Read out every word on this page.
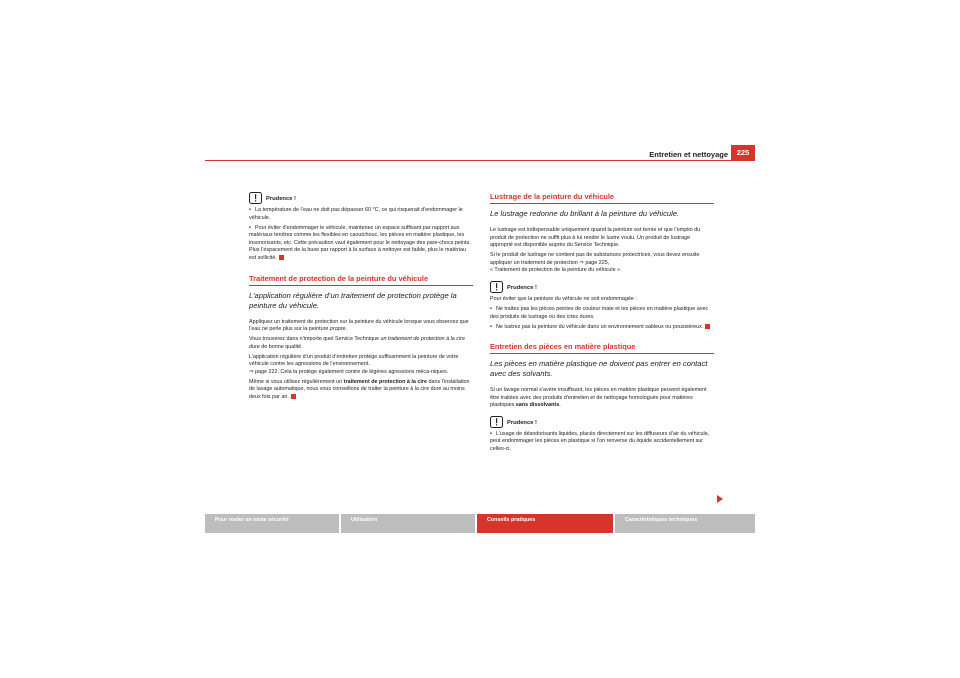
Entretien et nettoyage	225
Prudence !

• La température de l’eau ne doit pas dépasser 60 °C, ce qui risquerait d’endommager le véhicule.

• Pour éviter d’endommager le véhicule, maintenez un espace suffisant par rapport aux matériaux tendres comme les flexibles en caoutchouc, les pièces en matière plastique, les insonorisants, etc. Cette précaution vaut également pour le nettoyage des pare-chocs peints. Plus l’espacement de la buse par rapport à la surface à nettoyer est faible, plus le matériau est sollicité.

Traitement de protection de la peinture du véhicule
L’application régulière d’un traitement de protection protège la peinture du véhicule.

Appliquez un traitement de protection sur la peinture du véhicule lorsque vous observez que l’eau ne perle plus sur la peinture propre.

Vous trouverez dans n’importe quel Service Technique un traitement de protection à la cire dure de bonne qualité.

L’application régulière d’un produit d’entretien protège suffisamment la peinture de votre véhicule contre les agressions de l’environnement.

⇒ page 222. Cela la protège également contre de légères agressions méca-niques.

Même si vous utilisez régulièrement un traitement de protection à la cire dans l’installation de lavage automatique, nous vous conseillons de traiter la peinture à la cire dure au moins deux fois par an.

Lustrage de la peinture du véhicule
Le lustrage redonne du brillant à la peinture du véhicule.

Le lustrage est indispensable uniquement quand la peinture est ternie et que l’emploi du produit de protection ne suffit plus à lui rendre le lustre voulu. Un produit de lustrage approprié est disponible auprès du Service Technique.

Si le produit de lustrage ne contient pas de substances protectrices, vous devez ensuite appliquer un traitement de protection ⇒ page 225,

« Traitement de protection de la peinture du véhicule ».

Prudence !

Pour éviter que la peinture du véhicule ne soit endommagée :

• Ne traitez pas les pièces peintes de couleur mate et les pièces en matière plastique avec des produits de lustrage ou des cires dures.

• Ne lustrez pas la peinture du véhicule dans un environnement sableux ou poussiéreux.

Entretien des pièces en matière plastique
Les pièces en matière plastique ne doivent pas entrer en contact avec des solvants.

Si un lavage normal s’avère insuffisant, les pièces en matière plastique peuvent également être traitées avec des produits d’entretien et de nettoyage homologués pour matières plastiques sans dissolvants.

Prudence !

• L’usage de désodorisants liquides, placés directement sur les diffuseurs d’air du véhicule, peut endommager les pièces en plastique si l’on renverse du liquide accidentellement sur celles-ci.

Pour rouler en toute sécurité	Utilisation	Conseils pratiques	Caractéristiques techniques
